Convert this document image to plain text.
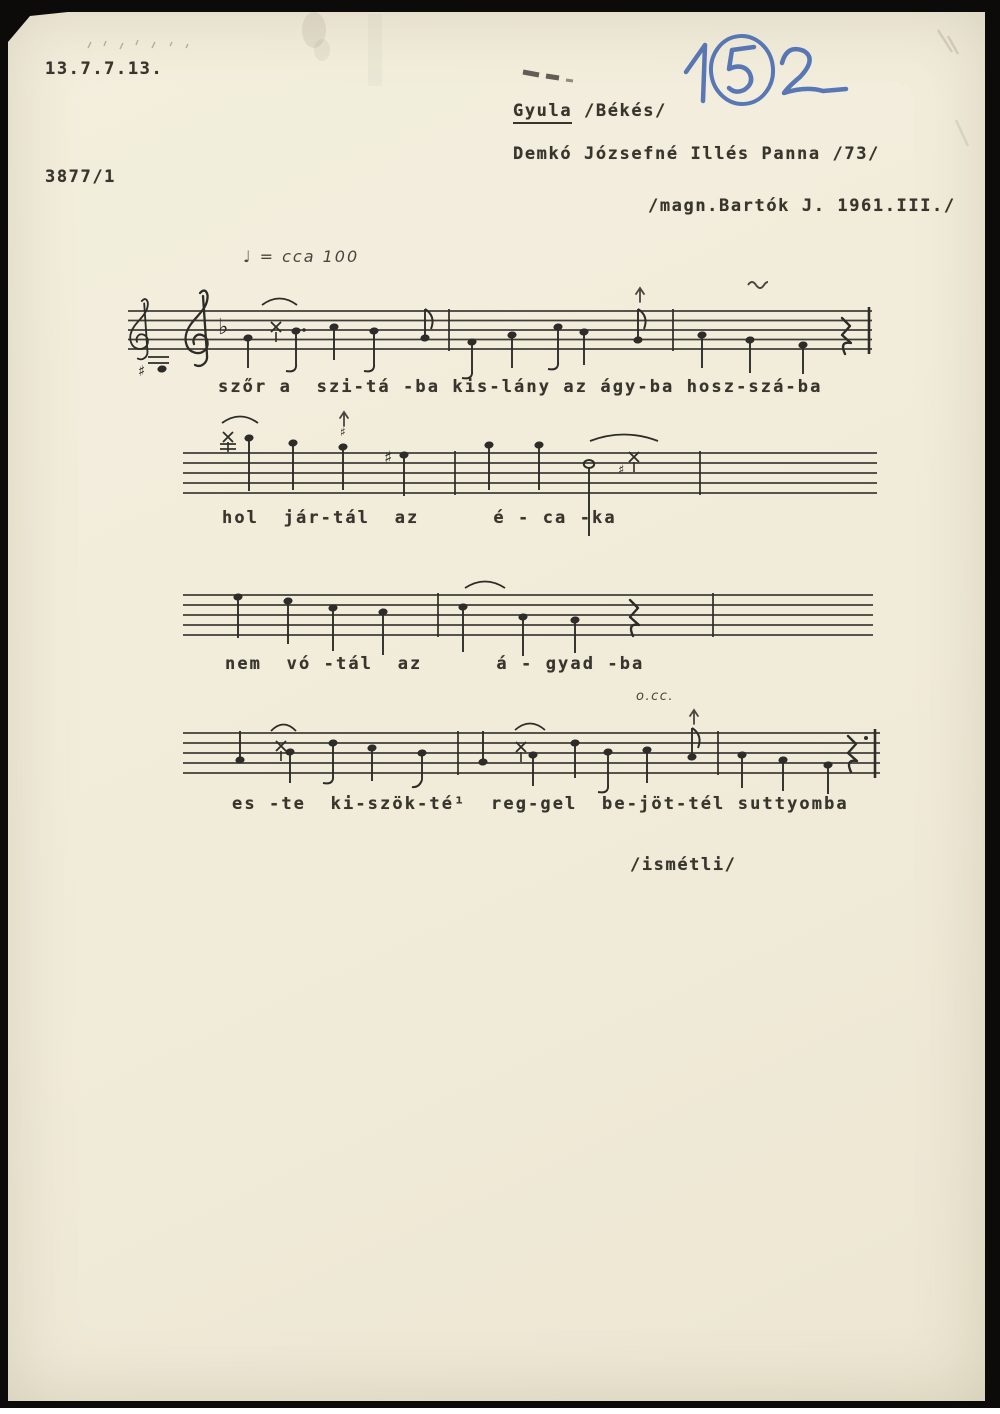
13.7.7.13.
3877/1
Gyula /Békés/
Demkó Józsefné Illés Panna /73/
/magn.Bartók J. 1961.III./
♩ = cca 100
szőr a  szi-tá -ba kis-lány az ágy-ba hosz-szá-ba
hol  jár-tál  az      é - ca -ka
nem  vó -tál  az      á - gyad -ba
es -te  ki-szök-té¹  reg-gel  be-jöt-tél suttyomba
/ismétli/
♯
♭
♯
♯
♯
o.cc.
